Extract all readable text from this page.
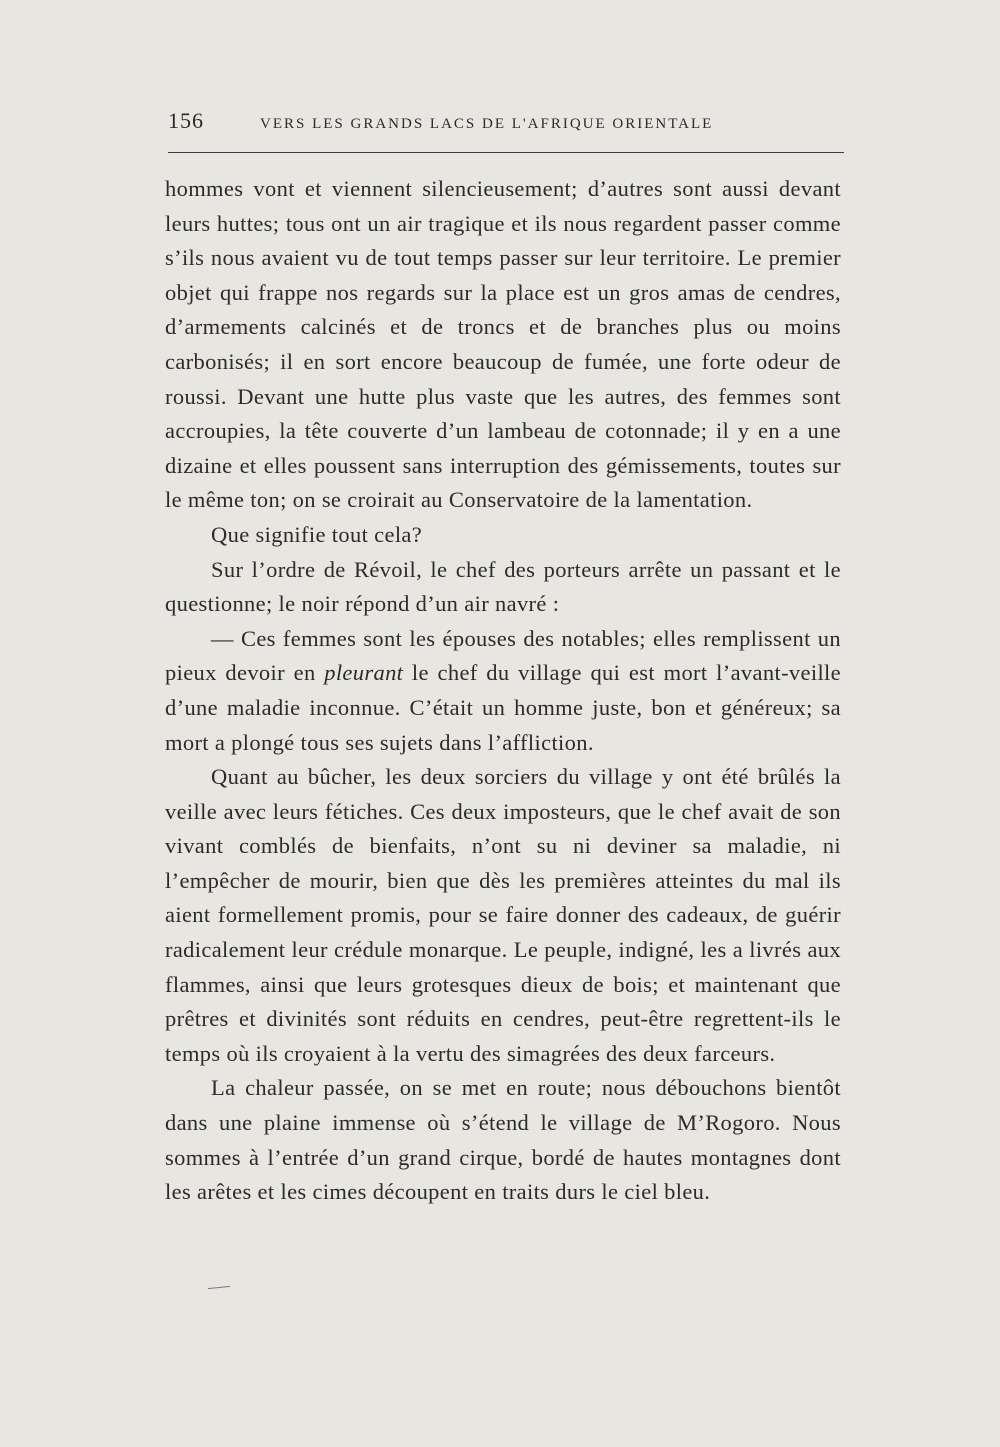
156	VERS LES GRANDS LACS DE L'AFRIQUE ORIENTALE

hommes vont et viennent silencieusement; d’autres sont aussi devant leurs huttes; tous ont un air tragique et ils nous regardent passer comme s’ils nous avaient vu de tout temps passer sur leur territoire. Le premier objet qui frappe nos regards sur la place est un gros amas de cendres, d’armements calcinés et de troncs et de branches plus ou moins carbonisés; il en sort encore beaucoup de fumée, une forte odeur de roussi. Devant une hutte plus vaste que les autres, des femmes sont accroupies, la tête couverte d’un lambeau de cotonnade; il y en a une dizaine et elles poussent sans interruption des gémissements, toutes sur le même ton; on se croirait au Conservatoire de la lamentation.

Que signifie tout cela?

Sur l’ordre de Révoil, le chef des porteurs arrête un passant et le questionne; le noir répond d’un air navré :

— Ces femmes sont les épouses des notables; elles remplissent un pieux devoir en pleurant le chef du village qui est mort l’avant-veille d’une maladie inconnue. C’était un homme juste, bon et généreux; sa mort a plongé tous ses sujets dans l’affliction.

Quant au bûcher, les deux sorciers du village y ont été brûlés la veille avec leurs fétiches. Ces deux imposteurs, que le chef avait de son vivant comblés de bienfaits, n’ont su ni deviner sa maladie, ni l’empêcher de mourir, bien que dès les premières atteintes du mal ils aient formellement promis, pour se faire donner des cadeaux, de guérir radicalement leur crédule monarque. Le peuple, indigné, les a livrés aux flammes, ainsi que leurs grotesques dieux de bois; et maintenant que prêtres et divinités sont réduits en cendres, peut-être regrettent-ils le temps où ils croyaient à la vertu des simagrées des deux farceurs.

La chaleur passée, on se met en route; nous débouchons bientôt dans une plaine immense où s’étend le village de M’Rogoro. Nous sommes à l’entrée d’un grand cirque, bordé de hautes montagnes dont les arêtes et les cimes découpent en traits durs le ciel bleu.
